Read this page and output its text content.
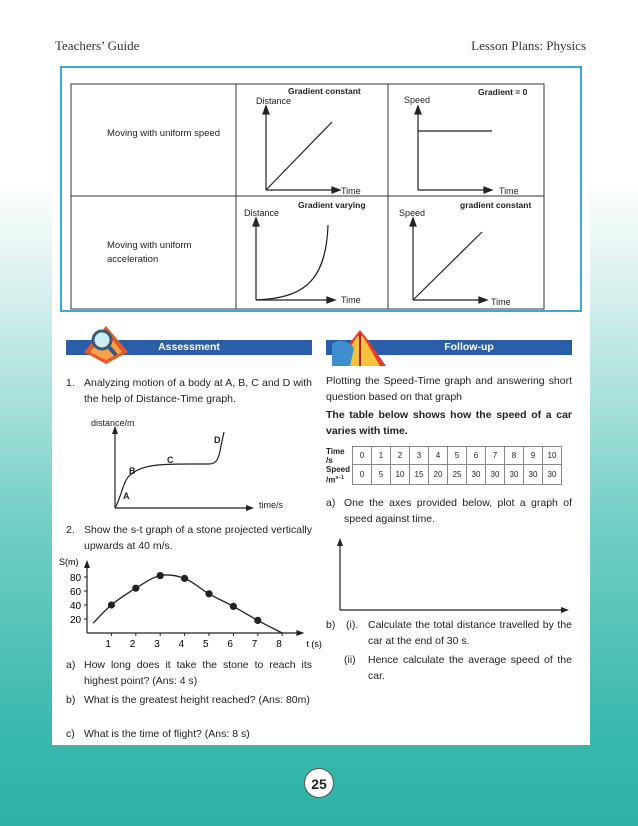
Teachers’ Guide	Lesson Plans: Physics
Moving with uniform speed
Moving with uniform acceleration
Gradient constant
Distance
Time
Gradient = 0
Speed
Time
Gradient varying
Distance
Time
gradient constant
Speed
Time
Assessment	Follow-up
1. Analyzing motion of a body at A, B, C and D with the help of Distance-Time graph.
distance/m
time/s
A
B
C
D
2. Show the s-t graph of a stone projected vertically upwards at 40 m/s.
1 2 3 4 5 6 7 8
20
40
60
80
t (s)
S(m)
a) How long does it take the stone to reach its highest point? (Ans: 4 s)
b) What is the greatest height reached? (Ans: 80m)
c) What is the time of flight? (Ans: 8 s)
Plotting the Speed-Time graph and answering short question based on that graph
The table below shows how the speed of a car varies with time.
Time /s	0	1	2	3	4	5	6	7	8	9	10
Speed $/m^{s-1}$	0	5	10	15	20	25	30	30	30	30	30
a) One the axes provided below, plot a graph of speed against time.
b) (i). Calculate the total distance travelled by the car at the end of 30 s.
(ii) Hence calculate the average speed of the car.
25
